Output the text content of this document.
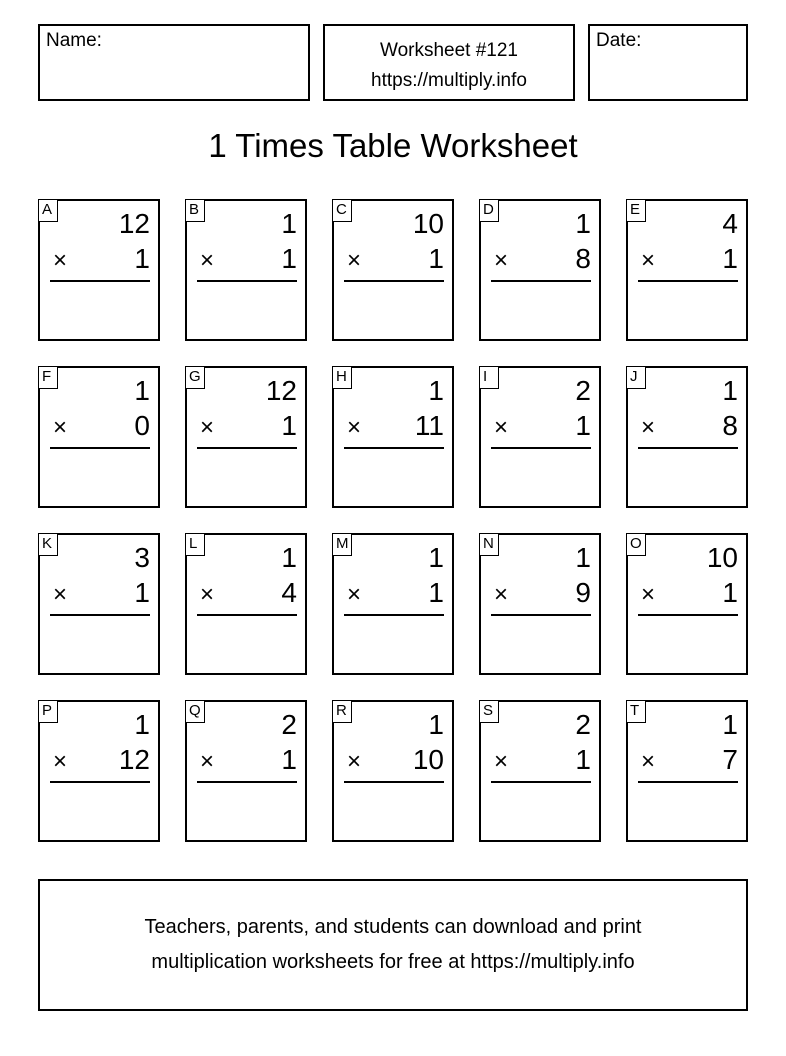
Name:	Worksheet #121
https://multiply.info
Date:
1 Times Table Worksheet
A 12
× 1
B	1
× 1
C 10
× 1
D	1
× 8
E	4
× 1
F	1
× 0
G 12
× 1
H	1
× 11
I	2
× 1
J	1
× 8
K	3
× 1
L	1
× 4
M	1
× 1
N	1
× 9
O 10
× 1
P	1
× 12
Q	2
× 1
R	1
× 10
S	2
× 1
T	1
× 7
Teachers, parents, and students can download and print
multiplication worksheets for free at https://multiply.info
